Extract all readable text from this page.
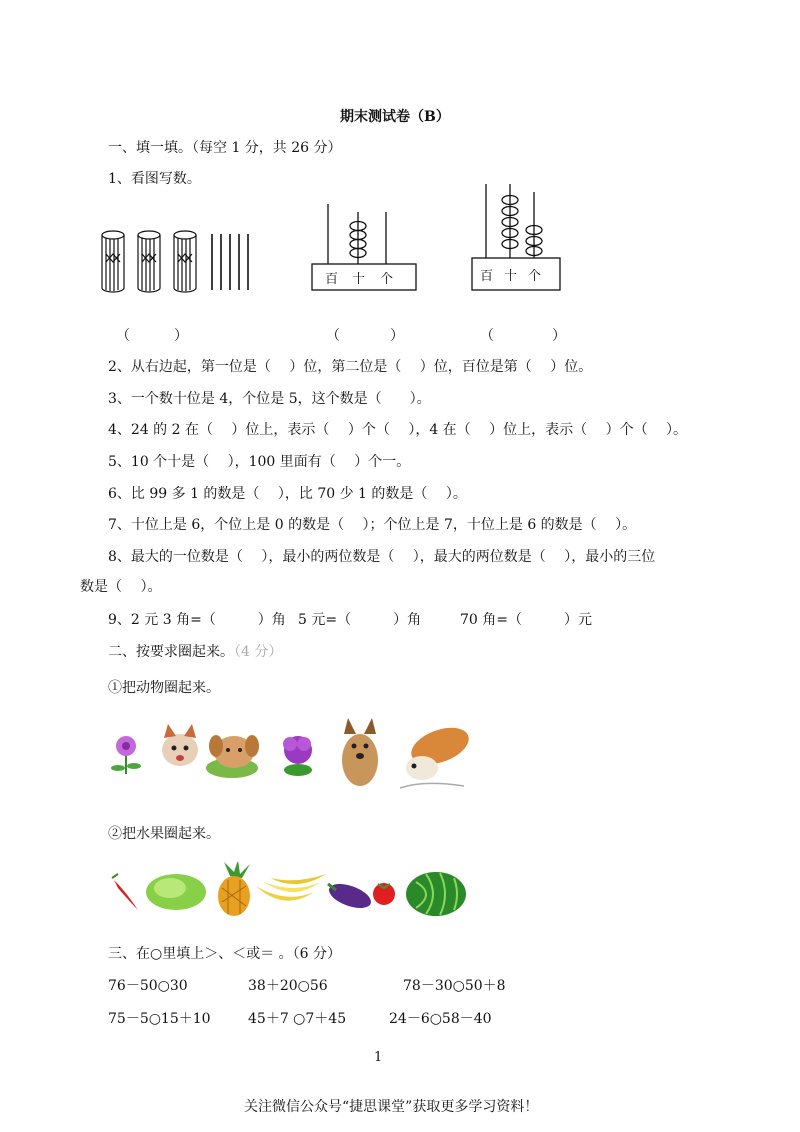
期末测试卷（B）
一、填一填。（每空 1 分，共 26 分）
1、看图写数。
百 十 个	百 十 个
（	）	（	）	（	）
2、从右边起，第一位是（　 ）位，第二位是（　 ）位，百位是第（　 ）位。
3、一个数十位是 4，个位是 5，这个数是（　　）。
4、24 的 2 在（　 ）位上，表示（　 ）个（　 ），4 在（　 ）位上，表示（　 ）个（　 ）。
5、10 个十是（　 ），100 里面有（　 ）个一。
6、比 99 多 1 的数是（　 ），比 70 少 1 的数是（　 ）。
7、十位上是 6，个位上是 0 的数是（　 ）；个位上是 7，十位上是 6 的数是（　 ）。
8、最大的一位数是（　 ），最小的两位数是（　 ），最大的两位数是（　 ），最小的三位
数是（　 ）。
9、2 元 3 角=（　　　）角 5 元=（　　　）角	70 角=（　　　）元
二、按要求圈起来。（4 分）
①把动物圈起来。
②把水果圈起来。
三、在○里填上＞、＜或＝ 。（6 分）
76－50○30	38＋20○56	78－30○50＋8
75－5○15＋10	45＋7 ○7＋45	24－6○58－40
1
关注微信公众号“捷思课堂”获取更多学习资料！
